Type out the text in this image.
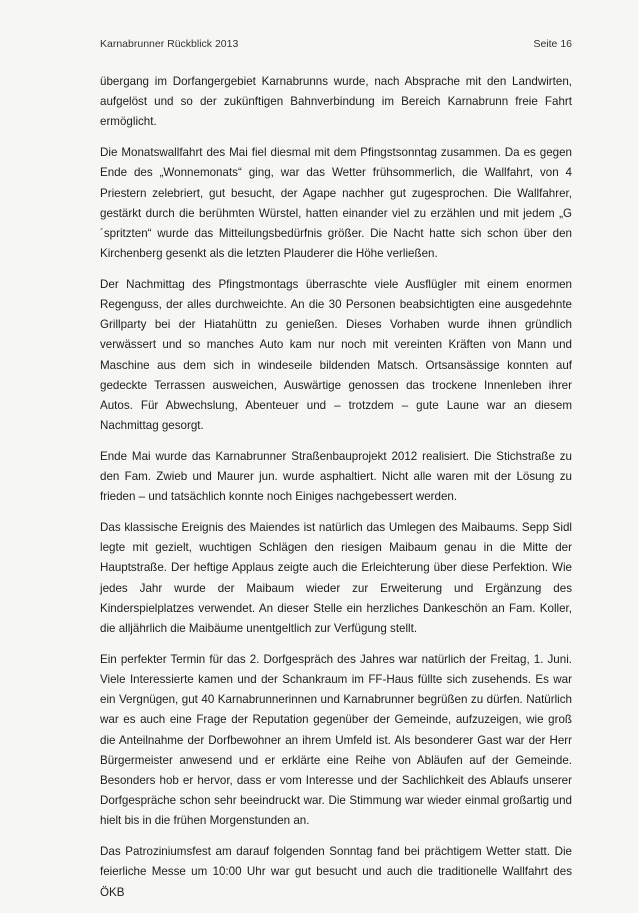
Karnabrunner Rückblick 2013	Seite 16

übergang im Dorfangergebiet Karnabrunns wurde, nach Absprache mit den Landwirten, aufgelöst und so der zukünftigen Bahnverbindung im Bereich Karnabrunn freie Fahrt ermöglicht.

Die Monatswallfahrt des Mai fiel diesmal mit dem Pfingstsonntag zusammen. Da es gegen Ende des „Wonnemonats“ ging, war das Wetter frühsommerlich, die Wallfahrt, von 4 Priestern zelebriert, gut besucht, der Agape nachher gut zugesprochen. Die Wallfahrer, gestärkt durch die berühmten Würstel, hatten einander viel zu erzählen und mit jedem „G´spritzten“ wurde das Mitteilungsbedürfnis größer. Die Nacht hatte sich schon über den Kirchenberg gesenkt als die letzten Plauderer die Höhe verließen.

Der Nachmittag des Pfingstmontags überraschte viele Ausflügler mit einem enormen Regenguss, der alles durchweichte. An die 30 Personen beabsichtigten eine ausgedehnte Grillparty bei der Hiatahüttn zu genießen. Dieses Vorhaben wurde ihnen gründlich verwässert und so manches Auto kam nur noch mit vereinten Kräften von Mann und Maschine aus dem sich in windeseile bildenden Matsch. Ortsansässige konnten auf gedeckte Terrassen ausweichen, Auswärtige genossen das trockene Innenleben ihrer Autos. Für Abwechslung, Abenteuer und – trotzdem – gute Laune war an diesem Nachmittag gesorgt.

Ende Mai wurde das Karnabrunner Straßenbauprojekt 2012 realisiert. Die Stichstraße zu den Fam. Zwieb und Maurer jun. wurde asphaltiert. Nicht alle waren mit der Lösung zu frieden – und tatsächlich konnte noch Einiges nachgebessert werden.

Das klassische Ereignis des Maiendes ist natürlich das Umlegen des Maibaums. Sepp Sidl legte mit gezielt, wuchtigen Schlägen den riesigen Maibaum genau in die Mitte der Hauptstraße. Der heftige Applaus zeigte auch die Erleichterung über diese Perfektion. Wie jedes Jahr wurde der Maibaum wieder zur Erweiterung und Ergänzung des Kinderspielplatzes verwendet. An dieser Stelle ein herzliches Dankeschön an Fam. Koller, die alljährlich die Maibäume unentgeltlich zur Verfügung stellt.

Ein perfekter Termin für das 2. Dorfgespräch des Jahres war natürlich der Freitag, 1. Juni. Viele Interessierte kamen und der Schankraum im FF-Haus füllte sich zusehends. Es war ein Vergnügen, gut 40 Karnabrunnerinnen und Karnabrunner begrüßen zu dürfen. Natürlich war es auch eine Frage der Reputation gegenüber der Gemeinde, aufzuzeigen, wie groß die Anteilnahme der Dorfbewohner an ihrem Umfeld ist. Als besonderer Gast war der Herr Bürgermeister anwesend und er erklärte eine Reihe von Abläufen auf der Gemeinde. Besonders hob er hervor, dass er vom Interesse und der Sachlichkeit des Ablaufs unserer Dorfgespräche schon sehr beeindruckt war. Die Stimmung war wieder einmal großartig und hielt bis in die frühen Morgenstunden an.

Das Patroziniumsfest am darauf folgenden Sonntag fand bei prächtigem Wetter statt. Die feierliche Messe um 10:00 Uhr war gut besucht und auch die traditionelle Wallfahrt des ÖKB
